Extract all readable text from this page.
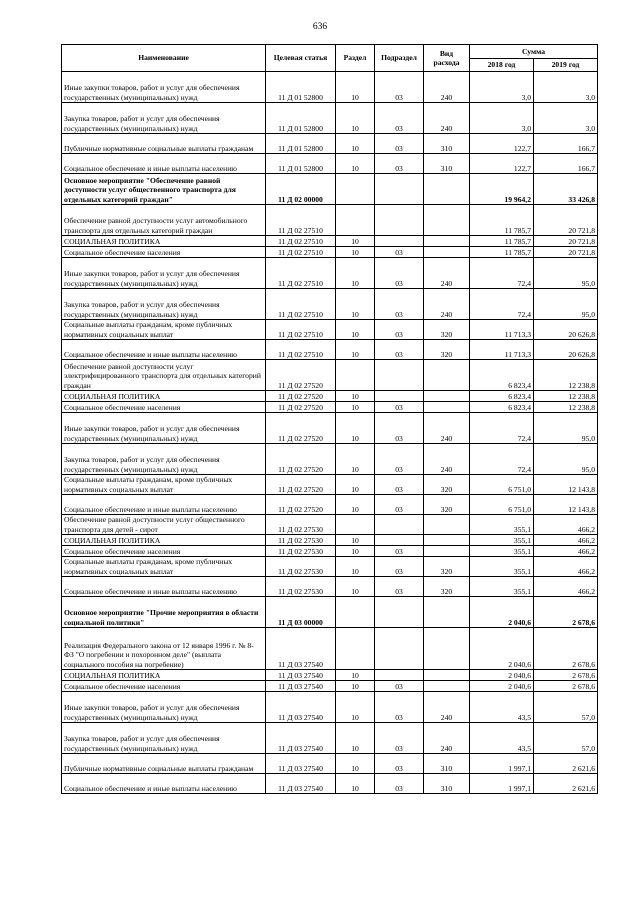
636
Наименование	Целевая статья	Раздел	Подраздел	Вид расхода	Сумма	
					2018 год	2019 год
Иные закупки товаров, работ и услуг для обеспечения государственных (муниципальных) нужд	11 Д 01 52800	10	03	240	3,0	3,0
Закупка товаров, работ и услуг для обеспечения государственных (муниципальных) нужд	11 Д 01 52800	10	03	240	3,0	3,0
Публичные нормативные социальные выплаты гражданам	11 Д 01 52800	10	03	310	122,7	166,7
Социальное обеспечение и иные выплаты населению	11 Д 01 52800	10	03	310	122,7	166,7
Основное мероприятие "Обеспечение равной доступности услуг общественного транспорта для отдельных категорий граждан"	11 Д 02 00000				19 964,2	33 426,8
Обеспечение равной доступности услуг автомобильного транспорта для отдельных категорий граждан	11 Д 02 27510				11 785,7	20 721,8
СОЦИАЛЬНАЯ ПОЛИТИКА	11 Д 02 27510	10			11 785,7	20 721,8
Социальное обеспечение населения	11 Д 02 27510	10	03		11 785,7	20 721,8
Иные закупки товаров, работ и услуг для обеспечения государственных (муниципальных) нужд	11 Д 02 27510	10	03	240	72,4	95,0
Закупка товаров, работ и услуг для обеспечения государственных (муниципальных) нужд	11 Д 02 27510	10	03	240	72,4	95,0
Социальные выплаты гражданам, кроме публичных нормативных социальных выплат	11 Д 02 27510	10	03	320	11 713,3	20 626,8
Социальное обеспечение и иные выплаты населению	11 Д 02 27510	10	03	320	11 713,3	20 626,8
Обеспечение равной доступности услуг электрифицированного транспорта для отдельных категорий граждан	11 Д 02 27520				6 823,4	12 238,8
СОЦИАЛЬНАЯ ПОЛИТИКА	11 Д 02 27520	10			6 823,4	12 238,8
Социальное обеспечение населения	11 Д 02 27520	10	03		6 823,4	12 238,8
Иные закупки товаров, работ и услуг для обеспечения государственных (муниципальных) нужд	11 Д 02 27520	10	03	240	72,4	95,0
Закупка товаров, работ и услуг для обеспечения государственных (муниципальных) нужд	11 Д 02 27520	10	03	240	72,4	95,0
Социальные выплаты гражданам, кроме публичных нормативных социальных выплат	11 Д 02 27520	10	03	320	6 751,0	12 143,8
Социальное обеспечение и иные выплаты населению	11 Д 02 27520	10	03	320	6 751,0	12 143,8
Обеспечение равной доступности услуг общественного транспорта для детей - сирот	11 Д 02 27530				355,1	466,2
СОЦИАЛЬНАЯ ПОЛИТИКА	11 Д 02 27530	10			355,1	466,2
Социальное обеспечение населения	11 Д 02 27530	10	03		355,1	466,2
Социальные выплаты гражданам, кроме публичных нормативных социальных выплат	11 Д 02 27530	10	03	320	355,1	466,2
Социальное обеспечение и иные выплаты населению	11 Д 02 27530	10	03	320	355,1	466,2
Основное мероприятие "Прочие мероприятия в области социальной политики"	11 Д 03 00000				2 040,6	2 678,6
Реализация Федерального закона от 12 января 1996 г. № 8-ФЗ "О погребении и похоронном деле" (выплата социального пособия на погребение)	11 Д 03 27540				2 040,6	2 678,6
СОЦИАЛЬНАЯ ПОЛИТИКА	11 Д 03 27540	10			2 040,6	2 678,6
Социальное обеспечение населения	11 Д 03 27540	10	03		2 040,6	2 678,6
Иные закупки товаров, работ и услуг для обеспечения государственных (муниципальных) нужд	11 Д 03 27540	10	03	240	43,5	57,0
Закупка товаров, работ и услуг для обеспечения государственных (муниципальных) нужд	11 Д 03 27540	10	03	240	43,5	57,0
Публичные нормативные социальные выплаты гражданам	11 Д 03 27540	10	03	310	1 997,1	2 621,6
Социальное обеспечение и иные выплаты населению	11 Д 03 27540	10	03	310	1 997,1	2 621,6
